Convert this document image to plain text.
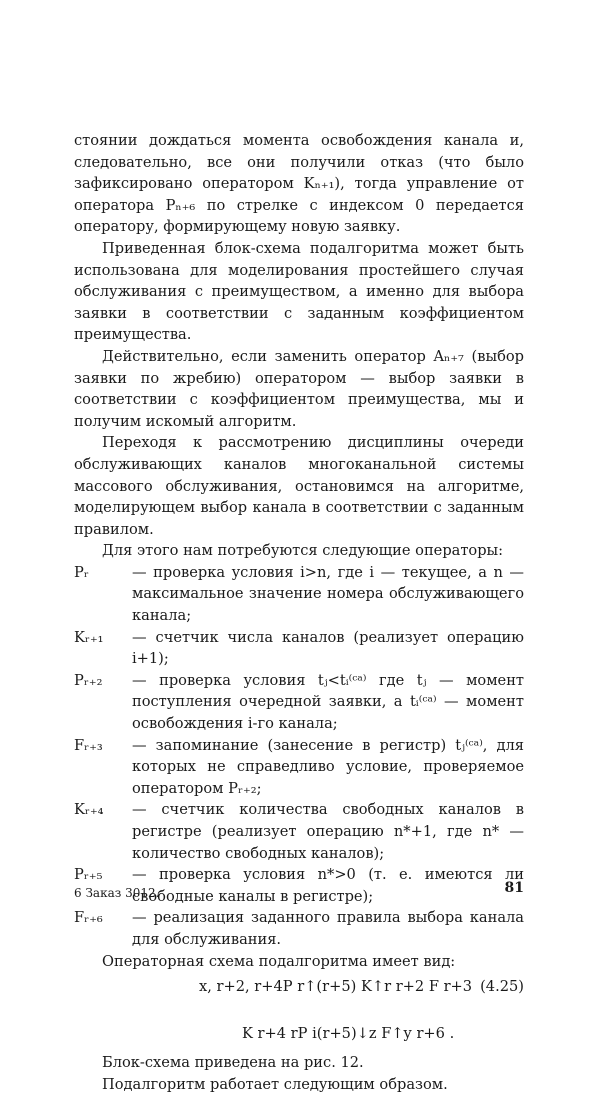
стоянии дождаться момента освобождения канала и, следовательно, все они получили отказ (что было зафиксировано оператором Kₙ₊₁), тогда управление от оператора Pₙ₊₆ по стрелке с индексом 0 передается оператору, формирующему новую заявку.

Приведенная блок-схема подалгоритма может быть использована для моделирования простейшего случая обслуживания с преимуществом, а именно для выбора заявки в соответствии с заданным коэффициентом преимущества.

Действительно, если заменить оператор Aₙ₊₇ (выбор заявки по жребию) оператором — выбор заявки в соответствии с коэффициентом преимущества, мы и получим искомый алгоритм.

Переходя к рассмотрению дисциплины очереди обслуживающих каналов многоканальной системы массового обслуживания, остановимся на алгоритме, моделирующем выбор канала в соответствии с заданным правилом.

Для этого нам потребуются следующие операторы:

Pᵣ	— проверка условия i>n, где i — текущее, а n — максимальное значение номера обслуживающего канала;
Kᵣ₊₁	— счетчик числа каналов (реализует операцию i+1);
Pᵣ₊₂	— проверка условия tⱼ<tᵢ⁽ᶜᵃ⁾ где tⱼ — момент поступления очередной заявки, а tᵢ⁽ᶜᵃ⁾ — момент освобождения i-го канала;
Fᵣ₊₃	— запоминание (занесение в регистр) tⱼ⁽ᶜᵃ⁾, для которых не справедливо условие, проверяемое оператором Pᵣ₊₂;
Kᵣ₊₄	— счетчик количества свободных каналов в регистре (реализует операцию n*+1, где n* — количество свободных каналов);
Pᵣ₊₅	— проверка условия n*>0 (т. е. имеются ли свободные каналы в регистре);
Fᵣ₊₆	— реализация заданного правила выбора канала для обслуживания.

Операторная схема подалгоритма имеет вид:

x, r+2, r+4P r↑(r+5) K↑r r+2 F r+3 (4.25)
K r+4 rP i(r+5)↓z F↑y r+6 .

Блок-схема приведена на рис. 12.

Подалгоритм работает следующим образом.

6 Заказ 3012.	81
